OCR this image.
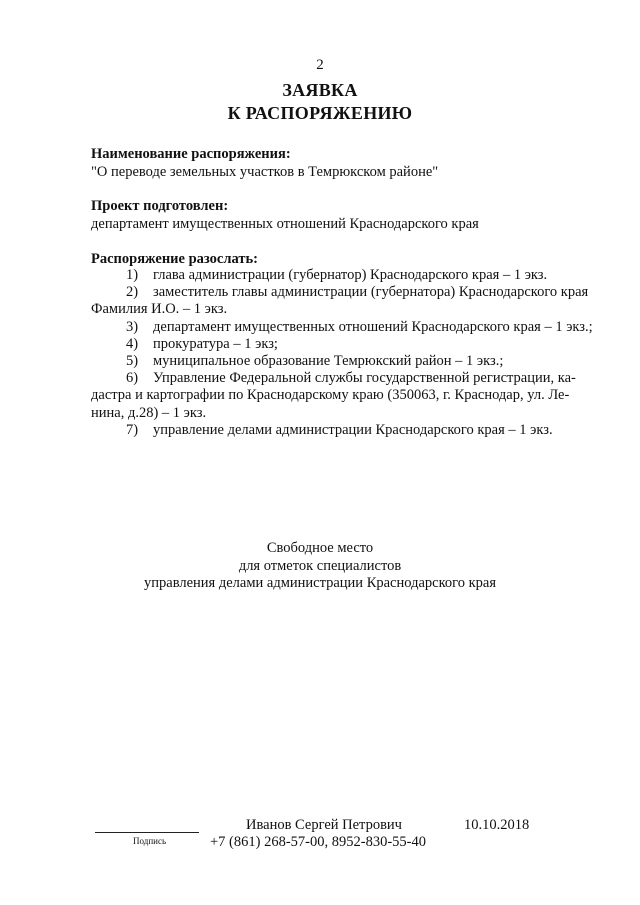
2
ЗАЯВКА
К РАСПОРЯЖЕНИЮ
Наименование распоряжения:
"О переводе земельных участков в Темрюкском районе"
Проект подготовлен:
департамент имущественных отношений Краснодарского края
Распоряжение разослать:
1) глава администрации (губернатор) Краснодарского края – 1 экз.
2) заместитель главы администрации (губернатора) Краснодарского края
Фамилия И.О. – 1 экз.
3) департамент имущественных отношений Краснодарского края – 1 экз.;
4) прокуратура – 1 экз;
5) муниципальное образование Темрюкский район – 1 экз.;
6) Управление Федеральной службы государственной регистрации, ка-
дастра и картографии по Краснодарскому краю (350063, г. Краснодар, ул. Ле-
нина, д.28) – 1 экз.
7) управление делами администрации Краснодарского края – 1 экз.
Свободное место
для отметок специалистов
управления делами администрации Краснодарского края
Подпись
Иванов Сергей Петрович
+7 (861) 268-57-00, 8952-830-55-40
10.10.2018
